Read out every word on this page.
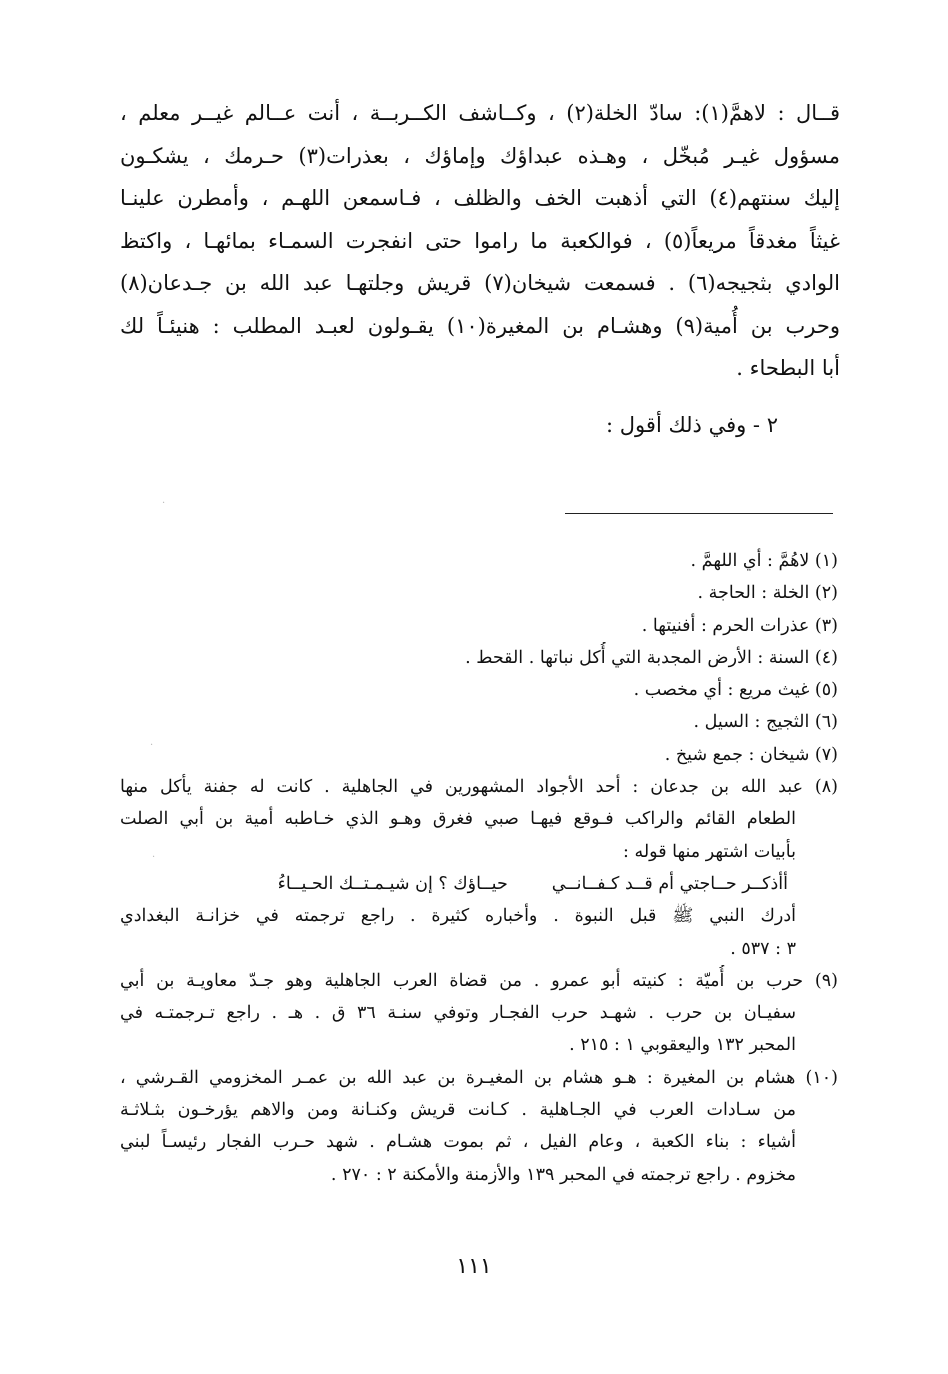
قــال : لاهمَّ(١): سادّ الخلة(٢) ، وكــاشف الكــربــة ، أنت عــالم غيــر معلم ،
مسؤول غيـر مُبخّل ، وهـذه عبداؤك وإماؤك ، بعذرات(٣) حـرمك ، يشكـون
إليك سنتهم(٤) التي أذهبت الخف والظلف ، فـاسمعن اللهـم ، وأمطرن علينـا
غيثاً مغدقاً مريعاً(٥) ، فوالكعبة ما راموا حتى انفجرت السمـاء بمائهـا ، واكتظ
الوادي بثجيجه(٦) . فسمعت شيخان(٧) قريش وجلتهـا عبد الله بن جـدعان(٨)
وحرب بن أُمية(٩) وهشـام بن المغيرة(١٠) يقـولون لعبـد المطلب : هنيئـاً لك
أبا البطحاء .
٢ - وفي ذلك أقول :
(١) لاهُمَّ : أي اللهمَّ .
(٢) الخلة : الحاجة .
(٣) عذرات الحرم : أفنيتها .
(٤) السنة : الأرض المجدبة التي أُكل نباتها . القحط .
(٥) غيث مريع : أي مخصب .
(٦) الثجيج : السيل .
(٧) شيخان : جمع شيخ .
(٨) عبد الله بن جدعان : أحد الأجواد المشهورين في الجاهلية . كانت له جفنة يأكل منها
الطعام القائم والراكب فـوقع فيهـا صبي فغرق وهـو الذي خـاطبه أمية بن أبي الصلت
بأبيات اشتهر منها قوله :
أأذكــر حــاجتي أم قــد كـفــانــي
حيــاؤك ؟ إن شيـمـتــك الحـيــاءُ
أدرك النبي ﷺ قبل النبوة . وأخباره كثيرة . راجع ترجمته في خزانـة البغدادي
٣ : ٥٣٧ .
(٩) حرب بن أُميّة : كنيته أبو عمرو . من قضاة العرب الجاهلية وهو جـدّ معاويـة بن أبي
سفيـان بن حرب . شهـد حرب الفجـار وتوفي سنـة ٣٦ ق . هـ . راجع تـرجمتـه في
المحبر ١٣٢ واليعقوبي ١ : ٢١٥ .
(١٠) هشام بن المغيرة : هـو هشام بن المغيـرة بن عبد الله بن عمـر المخزومي القـرشي ،
من سـادات العرب في الجـاهلية . كـانت قريش وكنـانة ومن والاهم يؤرخـون بثـلاثـة
أشياء : بناء الكعبة ، وعام الفيل ، ثم بموت هشـام . شهد حـرب الفجار رئيسـاً لبني
مخزوم . راجع ترجمته في المحبر ١٣٩ والأزمنة والأمكنة ٢ : ٢٧٠ .
١١١
·
·
·
